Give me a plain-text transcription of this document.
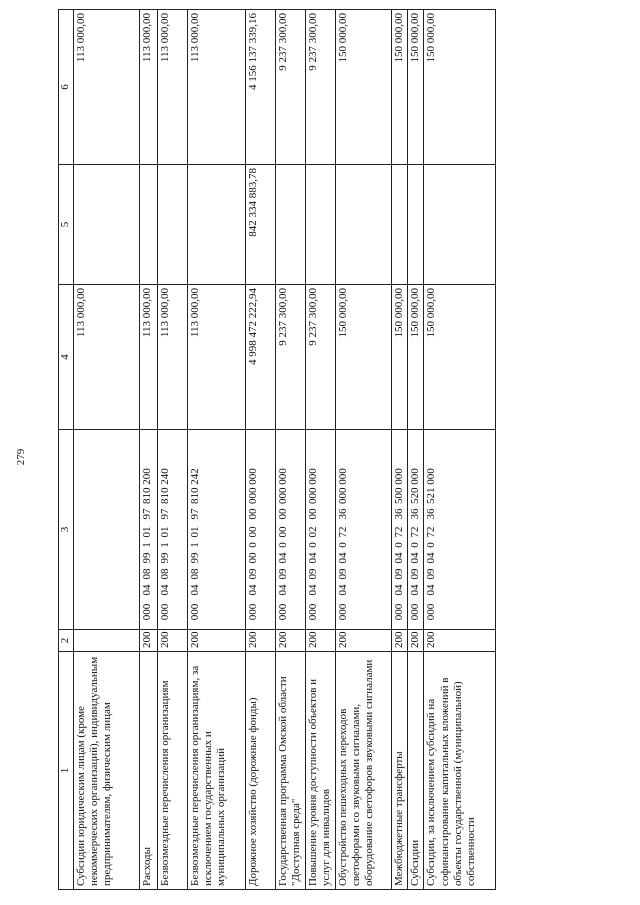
279
1	2	3	4	5	6
Субсидии юридическим лицам (кроме некоммерческих организаций), индивидуальным предпринимателям, физическим лицам			113 000,00		113 000,00
Расходы	200	00004089910197810 200	113 000,00		113 000,00
Безвозмездные перечисления организациям	200	00004089910197810 240	113 000,00		113 000,00
Безвозмездные перечисления организациям, за исключением государственных и муниципальных организаций	200	00004089910197810 242	113 000,00		113 000,00
Дорожное хозяйство (дорожные фонды)	200	00004090000000000 000	4 998 472 222,94	842 334 883,78	4 156 137 339,16
Государственная программа Омской области "Доступная среда"	200	00004090400000000 000	9 237 300,00		9 237 300,00
Повышение уровня доступности объектов и услуг для инвалидов	200	00004090400200000 000	9 237 300,00		9 237 300,00
Обустройство пешеходных переходов светофорами со звуковыми сигналами, оборудование светофоров звуковыми сигналами	200	00004090407236000 000	150 000,00		150 000,00
Межбюджетные трансферты	200	00004090407236500 000	150 000,00		150 000,00
Субсидии	200	00004090407236520 000	150 000,00		150 000,00
Субсидии, за исключением субсидий на софинансирование капитальных вложений в объекты государственной (муниципальной) собственности	200	00004090407236521 000	150 000,00		150 000,00
